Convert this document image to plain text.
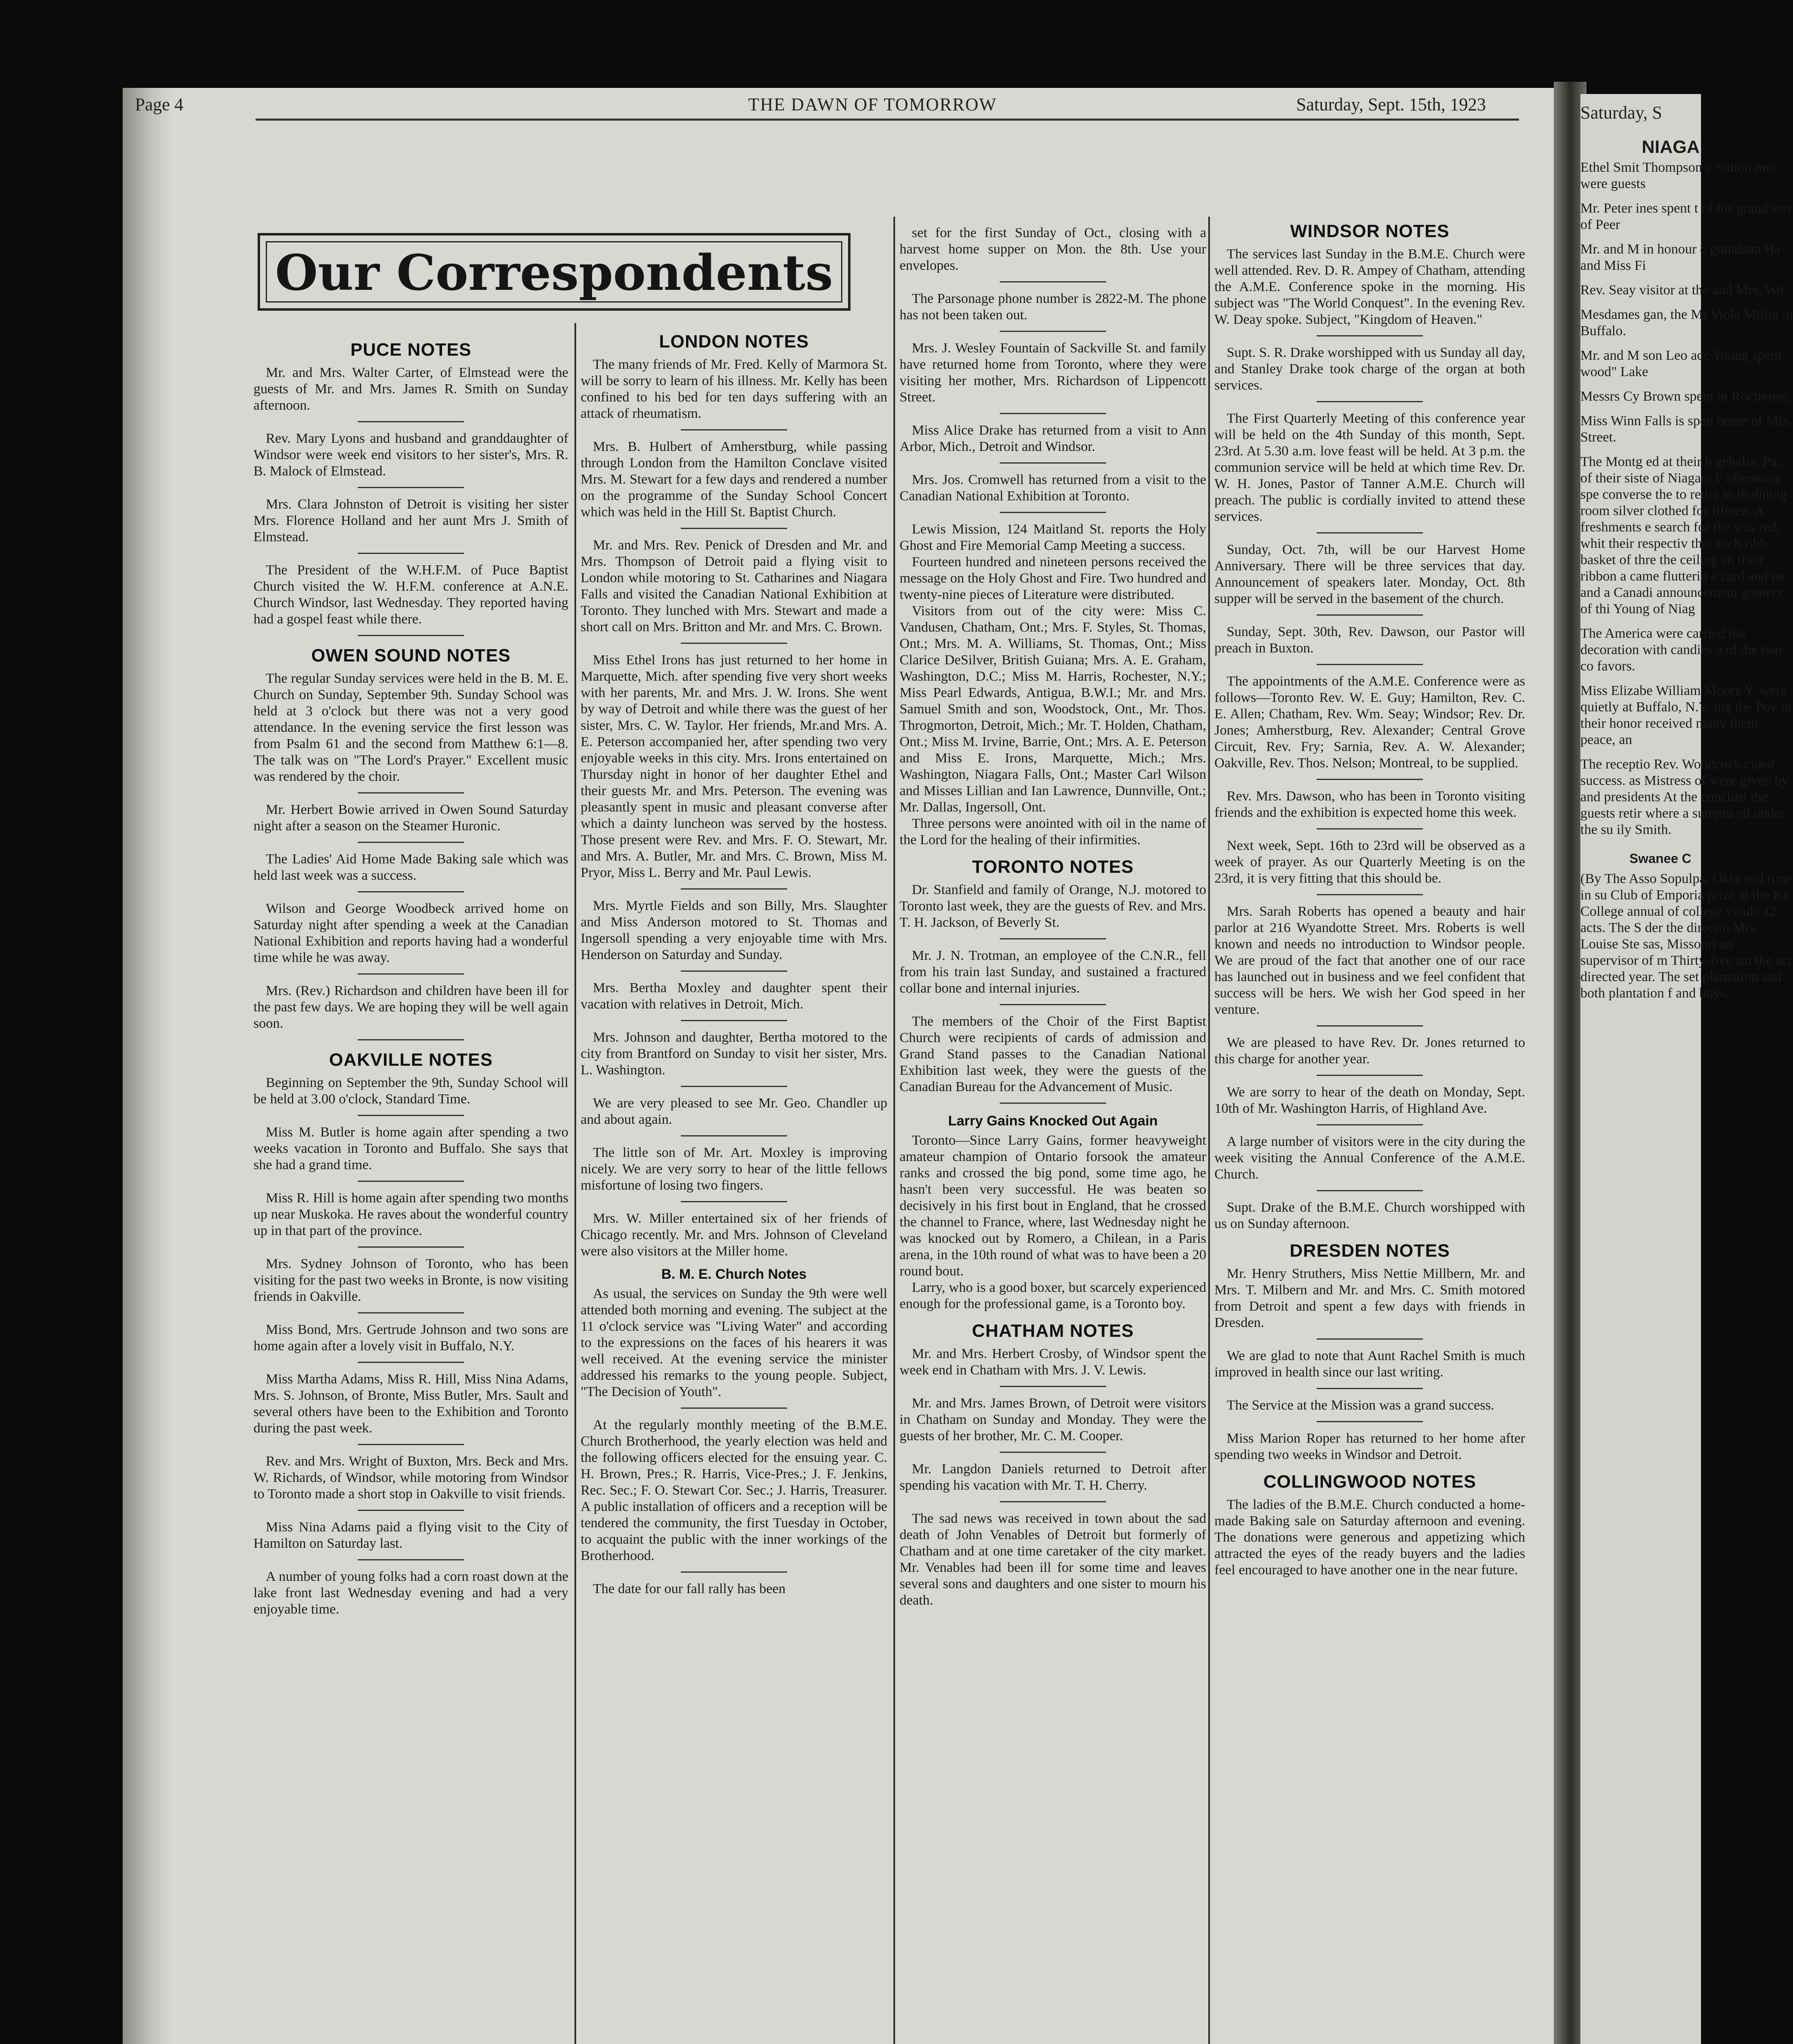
Page 4	THE DAWN OF TOMORROW	Saturday, Sept. 15th, 1923
Our Correspondents
PUCE NOTES

Mr. and Mrs. Walter Carter, of Elmstead were the guests of Mr. and Mrs. James R. Smith on Sunday afternoon.

Rev. Mary Lyons and husband and granddaughter of Windsor were week end visitors to her sister's, Mrs. R. B. Malock of Elmstead.

Mrs. Clara Johnston of Detroit is visiting her sister Mrs. Florence Holland and her aunt Mrs J. Smith of Elmstead.

The President of the W.H.F.M. of Puce Baptist Church visited the W. H.F.M. conference at A.N.E. Church Windsor, last Wednesday. They reported having had a gospel feast while there.

OWEN SOUND NOTES

The regular Sunday services were held in the B. M. E. Church on Sunday, September 9th. Sunday School was held at 3 o'clock but there was not a very good attendance. In the evening service the first lesson was from Psalm 61 and the second from Matthew 6:1—8. The talk was on "The Lord's Prayer." Excellent music was rendered by the choir.

Mr. Herbert Bowie arrived in Owen Sound Saturday night after a season on the Steamer Huronic.

The Ladies' Aid Home Made Baking sale which was held last week was a success.

Wilson and George Woodbeck arrived home on Saturday night after spending a week at the Canadian National Exhibition and reports having had a wonderful time while he was away.

Mrs. (Rev.) Richardson and children have been ill for the past few days. We are hoping they will be well again soon.

OAKVILLE NOTES

Beginning on September the 9th, Sunday School will be held at 3.00 o'clock, Standard Time.

Miss M. Butler is home again after spending a two weeks vacation in Toronto and Buffalo. She says that she had a grand time.

Miss R. Hill is home again after spending two months up near Muskoka. He raves about the wonderful country up in that part of the province.

Mrs. Sydney Johnson of Toronto, who has been visiting for the past two weeks in Bronte, is now visiting friends in Oakville.

Miss Bond, Mrs. Gertrude Johnson and two sons are home again after a lovely visit in Buffalo, N.Y.

Miss Martha Adams, Miss R. Hill, Miss Nina Adams, Mrs. S. Johnson, of Bronte, Miss Butler, Mrs. Sault and several others have been to the Exhibition and Toronto during the past week.

Rev. and Mrs. Wright of Buxton, Mrs. Beck and Mrs. W. Richards, of Windsor, while motoring from Windsor to Toronto made a short stop in Oakville to visit friends.

Miss Nina Adams paid a flying visit to the City of Hamilton on Saturday last.

A number of young folks had a corn roast down at the lake front last Wednesday evening and had a very enjoyable time.

LONDON NOTES

The many friends of Mr. Fred. Kelly of Marmora St. will be sorry to learn of his illness. Mr. Kelly has been confined to his bed for ten days suffering with an attack of rheumatism.

Mrs. B. Hulbert of Amherstburg, while passing through London from the Hamilton Conclave visited Mrs. M. Stewart for a few days and rendered a number on the programme of the Sunday School Concert which was held in the Hill St. Baptist Church.

Mr. and Mrs. Rev. Penick of Dresden and Mr. and Mrs. Thompson of Detroit paid a flying visit to London while motoring to St. Catharines and Niagara Falls and visited the Canadian National Exhibition at Toronto. They lunched with Mrs. Stewart and made a short call on Mrs. Britton and Mr. and Mrs. C. Brown.

Miss Ethel Irons has just returned to her home in Marquette, Mich. after spending five very short weeks with her parents, Mr. and Mrs. J. W. Irons. She went by way of Detroit and while there was the guest of her sister, Mrs. C. W. Taylor. Her friends, Mr.and Mrs. A. E. Peterson accompanied her, after spending two very enjoyable weeks in this city. Mrs. Irons entertained on Thursday night in honor of her daughter Ethel and their guests Mr. and Mrs. Peterson. The evening was pleasantly spent in music and pleasant converse after which a dainty luncheon was served by the hostess. Those present were Rev. and Mrs. F. O. Stewart, Mr. and Mrs. A. Butler, Mr. and Mrs. C. Brown, Miss M. Pryor, Miss L. Berry and Mr. Paul Lewis.

Mrs. Myrtle Fields and son Billy, Mrs. Slaughter and Miss Anderson motored to St. Thomas and Ingersoll spending a very enjoyable time with Mrs. Henderson on Saturday and Sunday.

Mrs. Bertha Moxley and daughter spent their vacation with relatives in Detroit, Mich.

Mrs. Johnson and daughter, Bertha motored to the city from Brantford on Sunday to visit her sister, Mrs. L. Washington.

We are very pleased to see Mr. Geo. Chandler up and about again.

The little son of Mr. Art. Moxley is improving nicely. We are very sorry to hear of the little fellows misfortune of losing two fingers.

Mrs. W. Miller entertained six of her friends of Chicago recently. Mr. and Mrs. Johnson of Cleveland were also visitors at the Miller home.

B. M. E. Church Notes

As usual, the services on Sunday the 9th were well attended both morning and evening. The subject at the 11 o'clock service was "Living Water" and according to the expressions on the faces of his hearers it was well received. At the evening service the minister addressed his remarks to the young people. Subject, "The Decision of Youth".

At the regularly monthly meeting of the B.M.E. Church Brotherhood, the yearly election was held and the following officers elected for the ensuing year. C. H. Brown, Pres.; R. Harris, Vice-Pres.; J. F. Jenkins, Rec. Sec.; F. O. Stewart Cor. Sec.; J. Harris, Treasurer. A public installation of officers and a reception will be tendered the community, the first Tuesday in October, to acquaint the public with the inner workings of the Brotherhood.

The date for our fall rally has been

set for the first Sunday of Oct., closing with a harvest home supper on Mon. the 8th. Use your envelopes.

The Parsonage phone number is 2822-M. The phone has not been taken out.

Mrs. J. Wesley Fountain of Sackville St. and family have returned home from Toronto, where they were visiting her mother, Mrs. Richardson of Lippencott Street.

Miss Alice Drake has returned from a visit to Ann Arbor, Mich., Detroit and Windsor.

Mrs. Jos. Cromwell has returned from a visit to the Canadian National Exhibition at Toronto.

Lewis Mission, 124 Maitland St. reports the Holy Ghost and Fire Memorial Camp Meeting a success.

Fourteen hundred and nineteen persons received the message on the Holy Ghost and Fire. Two hundred and twenty-nine pieces of Literature were distributed.

Visitors from out of the city were: Miss C. Vandusen, Chatham, Ont.; Mrs. F. Styles, St. Thomas, Ont.; Mrs. M. A. Williams, St. Thomas, Ont.; Miss Clarice DeSilver, British Guiana; Mrs. A. E. Graham, Washington, D.C.; Miss M. Harris, Rochester, N.Y.; Miss Pearl Edwards, Antigua, B.W.I.; Mr. and Mrs. Samuel Smith and son, Woodstock, Ont., Mr. Thos. Throgmorton, Detroit, Mich.; Mr. T. Holden, Chatham, Ont.; Miss M. Irvine, Barrie, Ont.; Mrs. A. E. Peterson and Miss E. Irons, Marquette, Mich.; Mrs. Washington, Niagara Falls, Ont.; Master Carl Wilson and Misses Lillian and Ian Lawrence, Dunnville, Ont.; Mr. Dallas, Ingersoll, Ont.

Three persons were anointed with oil in the name of the Lord for the healing of their infirmities.

TORONTO NOTES

Dr. Stanfield and family of Orange, N.J. motored to Toronto last week, they are the guests of Rev. and Mrs. T. H. Jackson, of Beverly St.

Mr. J. N. Trotman, an employee of the C.N.R., fell from his train last Sunday, and sustained a fractured collar bone and internal injuries.

The members of the Choir of the First Baptist Church were recipients of cards of admission and Grand Stand passes to the Canadian National Exhibition last week, they were the guests of the Canadian Bureau for the Advancement of Music.

Larry Gains Knocked Out Again

Toronto—Since Larry Gains, former heavyweight amateur champion of Ontario forsook the amateur ranks and crossed the big pond, some time ago, he hasn't been very successful. He was beaten so decisively in his first bout in England, that he crossed the channel to France, where, last Wednesday night he was knocked out by Romero, a Chilean, in a Paris arena, in the 10th round of what was to have been a 20 round bout.

Larry, who is a good boxer, but scarcely experienced enough for the professional game, is a Toronto boy.

CHATHAM NOTES

Mr. and Mrs. Herbert Crosby, of Windsor spent the week end in Chatham with Mrs. J. V. Lewis.

Mr. and Mrs. James Brown, of Detroit were visitors in Chatham on Sunday and Monday. They were the guests of her brother, Mr. C. M. Cooper.

Mr. Langdon Daniels returned to Detroit after spending his vacation with Mr. T. H. Cherry.

The sad news was received in town about the sad death of John Venables of Detroit but formerly of Chatham and at one time caretaker of the city market. Mr. Venables had been ill for some time and leaves several sons and daughters and one sister to mourn his death.

WINDSOR NOTES

The services last Sunday in the B.M.E. Church were well attended. Rev. D. R. Ampey of Chatham, attending the A.M.E. Conference spoke in the morning. His subject was "The World Conquest". In the evening Rev. W. Deay spoke. Subject, "Kingdom of Heaven."

Supt. S. R. Drake worshipped with us Sunday all day, and Stanley Drake took charge of the organ at both services.

The First Quarterly Meeting of this conference year will be held on the 4th Sunday of this month, Sept. 23rd. At 5.30 a.m. love feast will be held. At 3 p.m. the communion service will be held at which time Rev. Dr. W. H. Jones, Pastor of Tanner A.M.E. Church will preach. The public is cordially invited to attend these services.

Sunday, Oct. 7th, will be our Harvest Home Anniversary. There will be three services that day. Announcement of speakers later. Monday, Oct. 8th supper will be served in the basement of the church.

Sunday, Sept. 30th, Rev. Dawson, our Pastor will preach in Buxton.

The appointments of the A.M.E. Conference were as follows—Toronto Rev. W. E. Guy; Hamilton, Rev. C. E. Allen; Chatham, Rev. Wm. Seay; Windsor; Rev. Dr. Jones; Amherstburg, Rev. Alexander; Central Grove Circuit, Rev. Fry; Sarnia, Rev. A. W. Alexander; Oakville, Rev. Thos. Nelson; Montreal, to be supplied.

Rev. Mrs. Dawson, who has been in Toronto visiting friends and the exhibition is expected home this week.

Next week, Sept. 16th to 23rd will be observed as a week of prayer. As our Quarterly Meeting is on the 23rd, it is very fitting that this should be.

Mrs. Sarah Roberts has opened a beauty and hair parlor at 216 Wyandotte Street. Mrs. Roberts is well known and needs no introduction to Windsor people. We are proud of the fact that another one of our race has launched out in business and we feel confident that success will be hers. We wish her God speed in her venture.

We are pleased to have Rev. Dr. Jones returned to this charge for another year.

We are sorry to hear of the death on Monday, Sept. 10th of Mr. Washington Harris, of Highland Ave.

A large number of visitors were in the city during the week visiting the Annual Conference of the A.M.E. Church.

Supt. Drake of the B.M.E. Church worshipped with us on Sunday afternoon.

DRESDEN NOTES

Mr. Henry Struthers, Miss Nettie Millbern, Mr. and Mrs. T. Milbern and Mr. and Mrs. C. Smith motored from Detroit and spent a few days with friends in Dresden.

We are glad to note that Aunt Rachel Smith is much improved in health since our last writing.

The Service at the Mission was a grand success.

Miss Marion Roper has returned to her home after spending two weeks in Windsor and Detroit.

COLLINGWOOD NOTES

The ladies of the B.M.E. Church conducted a home-made Baking sale on Saturday afternoon and evening. The donations were generous and appetizing which attracted the eyes of the ready buyers and the ladies feel encouraged to have another one in the near future.

Saturday, S
NIAGA

Ethel Smit Thompson c Sutton mot were guests

Mr. Peter ines spent t of his grand son of Peer

Mr. and M in honour c grandson Ha and Miss Fi

Rev. Seay visitor at the and Mrs. Wo

Mesdames gan, the Mi Viola Millig in Buffalo.

Mr. and M son Leo acc Young spent wood" Lake

Messrs Cy Brown spent in Rochester,

Miss Winn Falls is spen home of Mrs Street.

The Montg ed at their h gehelia, Pa., of their siste of Niagara F afternoon spe converse the to retire to th dining room silver clothed for fifteen. A freshments e search for the was red, whit their respectiv that each ribb basket of thre the ceiling an their ribbon a came flutterin a card and tw and a Canadi announcement gomery of thi Young of Niag

The America were carried the decoration with candies a of the two co favors.

Miss Elizabe William Moore Y. were quietly at Buffalo, N.Y. ing the Pov in their honor received many them peace, an

The receptio Rev. Woodcock cided success. as Mistress of were given by and presidents At the conclusi the guests retir where a sumptu ed under the su ily Smith.

Swanee C

(By The Asso Sopulpa, Okla ond time in su Club of Emporia prize at the Ka College annual of college vaude 12 acts. The S der the directio Mrs. Louise Ste sas, Missouri an supervisor of m Thirty-five stu the act directed year. The set plantation and both plantation f and boys.
